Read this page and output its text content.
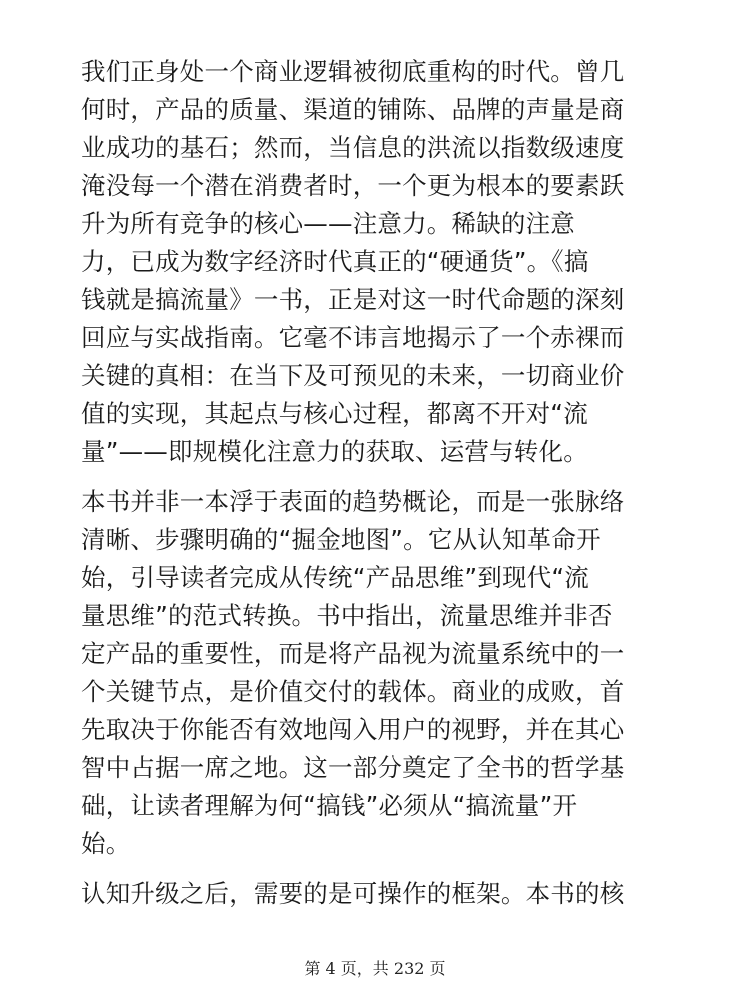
我们正身处一个商业逻辑被彻底重构的时代。曾几
何时，产品的质量、渠道的铺陈、品牌的声量是商
业成功的基石；然而，当信息的洪流以指数级速度
淹没每一个潜在消费者时，一个更为根本的要素跃
升为所有竞争的核心——注意力。稀缺的注意
力，已成为数字经济时代真正的“硬通货”。《搞
钱就是搞流量》一书，正是对这一时代命题的深刻
回应与实战指南。它毫不讳言地揭示了一个赤裸而
关键的真相：在当下及可预见的未来，一切商业价
值的实现，其起点与核心过程，都离不开对“流
量”——即规模化注意力的获取、运营与转化。

本书并非一本浮于表面的趋势概论，而是一张脉络
清晰、步骤明确的“掘金地图”。它从认知革命开
始，引导读者完成从传统“产品思维”到现代“流
量思维”的范式转换。书中指出，流量思维并非否
定产品的重要性，而是将产品视为流量系统中的一
个关键节点，是价值交付的载体。商业的成败，首
先取决于你能否有效地闯入用户的视野，并在其心
智中占据一席之地。这一部分奠定了全书的哲学基
础，让读者理解为何“搞钱”必须从“搞流量”开
始。

认知升级之后，需要的是可操作的框架。本书的核

第 4 页，共 232 页
